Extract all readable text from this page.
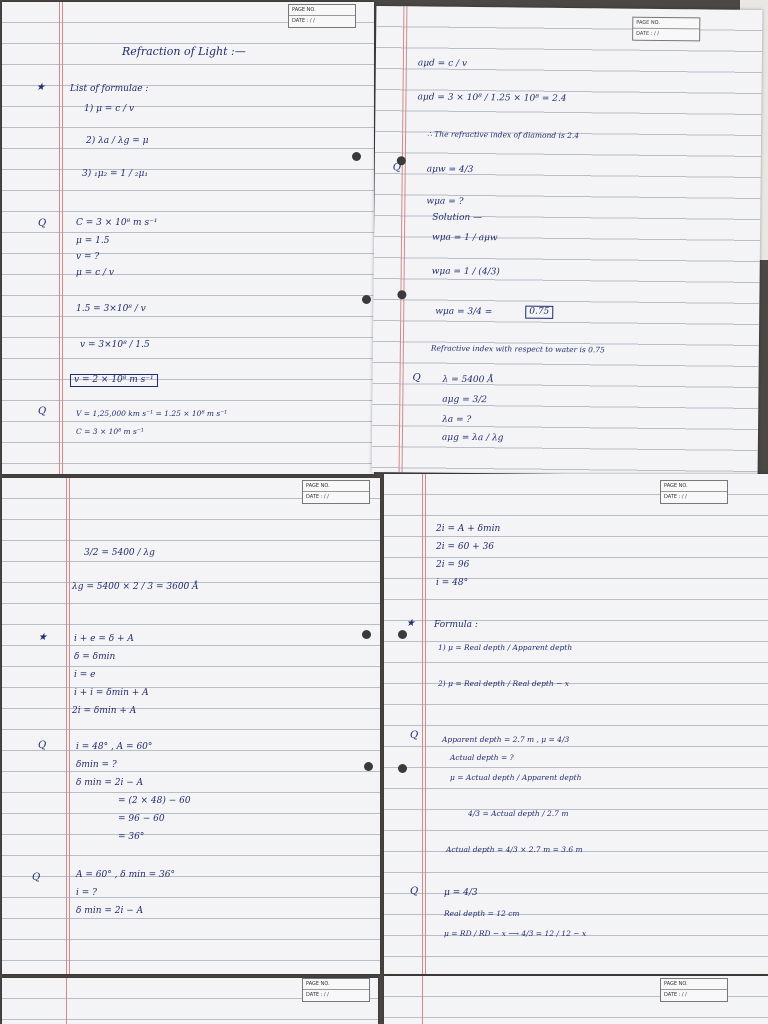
PAGE NO.
DATE : / /
Refraction of Light :—
★	List of formulae :
1) μ = c / v
2) λa / λg = μ
3) ₁μ₂ = 1 / ₂μ₁
Q	C = 3 × 10⁸ m s⁻¹
μ = 1.5
v = ?
μ = c / v
1.5 = 3×10⁸ / v
v = 3×10⁸ / 1.5
v = 2 × 10⁸ m s⁻¹
Q	V = 1,25,000 km s⁻¹ = 1.25 × 10⁸ m s⁻¹
C = 3 × 10⁸ m s⁻¹
PAGE NO.
DATE : / /
aμd = c / v
aμd = 3 × 10⁸ / 1.25 × 10⁸ = 2.4
∴ The refractive index of diamond is 2.4
Q	aμw = 4/3
wμa = ?
Solution —
wμa = 1 / aμw
wμa = 1 / (4/3)
wμa = 3/4 =	0.75
Refractive index with respect to water is 0.75
Q λ = 5400 Å
aμg = 3/2
λa = ?
aμg = λa / λg
PAGE NO.
DATE : / /
3/2 = 5400 / λg
λg = 5400 × 2 / 3 = 3600 Å
★	i + e = δ + A
δ = δmin
i = e
i + i = δmin + A
2i = δmin + A
Q	i = 48° , A = 60°
δmin = ?
δ min = 2i − A
= (2 × 48) − 60
= 96 − 60
= 36°
Q	A = 60° , δ min = 36°
i = ?
δ min = 2i − A
PAGE NO.
DATE : / /
2i = A + δmin
2i = 60 + 36
2i = 96
i = 48°
★ Formula :
1) μ = Real depth / Apparent depth
2) μ = Real depth / Real depth − x
Q	Apparent depth = 2.7 m , μ = 4/3
Actual depth = ?
μ = Actual depth / Apparent depth
4/3 = Actual depth / 2.7 m
Actual depth = 4/3 × 2.7 m = 3.6 m
Q	μ = 4/3
Real depth = 12 cm
μ = RD / RD − x ⟶ 4/3 = 12 / 12 − x
PAGE NO.
DATE : / /
PAGE NO.
DATE : / /
